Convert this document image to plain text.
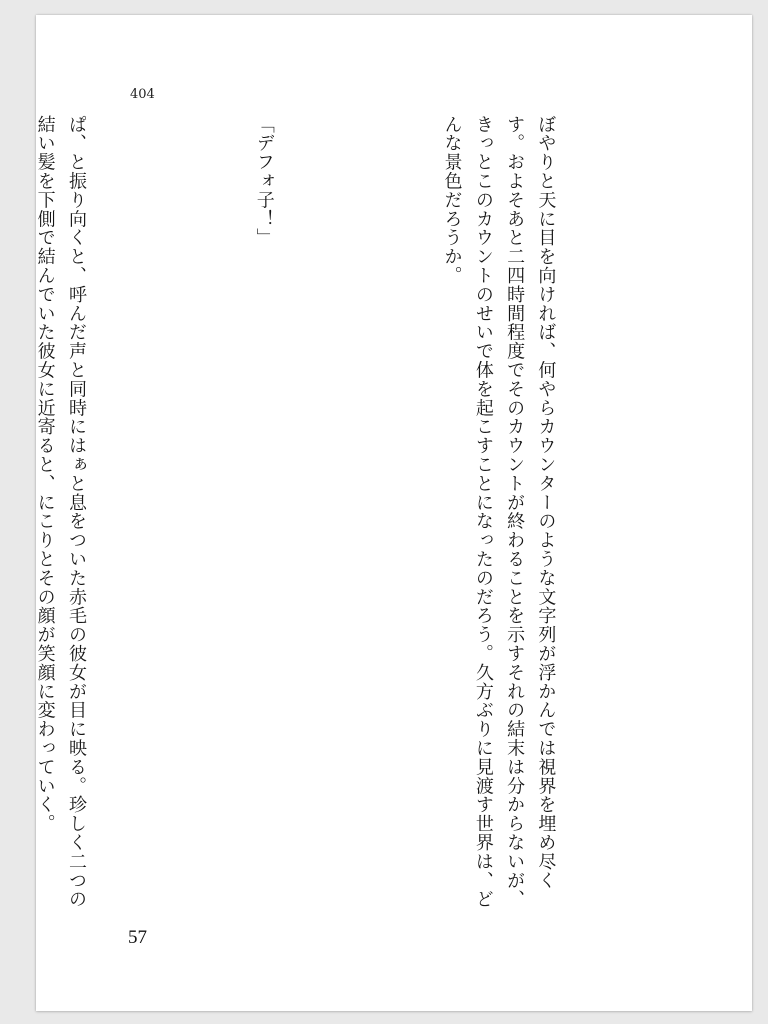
404

ぼやりと天に目を向ければ、何やらカウンターのような文字列が浮かんでは視界を埋め尽くす。およそあと二四時間程度でそのカウントが終わることを示すそれの結末は分からないが、きっとこのカウントのせいで体を起こすことになったのだろう。久方ぶりに見渡す世界は、どんな景色だろうか。

「デフォ子！」

ぱ、と振り向くと、呼んだ声と同時にはぁと息をついた赤毛の彼女が目に映る。珍しく二つの結い髪を下側で結んでいた彼女に近寄ると、にこりとその顔が笑顔に変わっていく。

57
